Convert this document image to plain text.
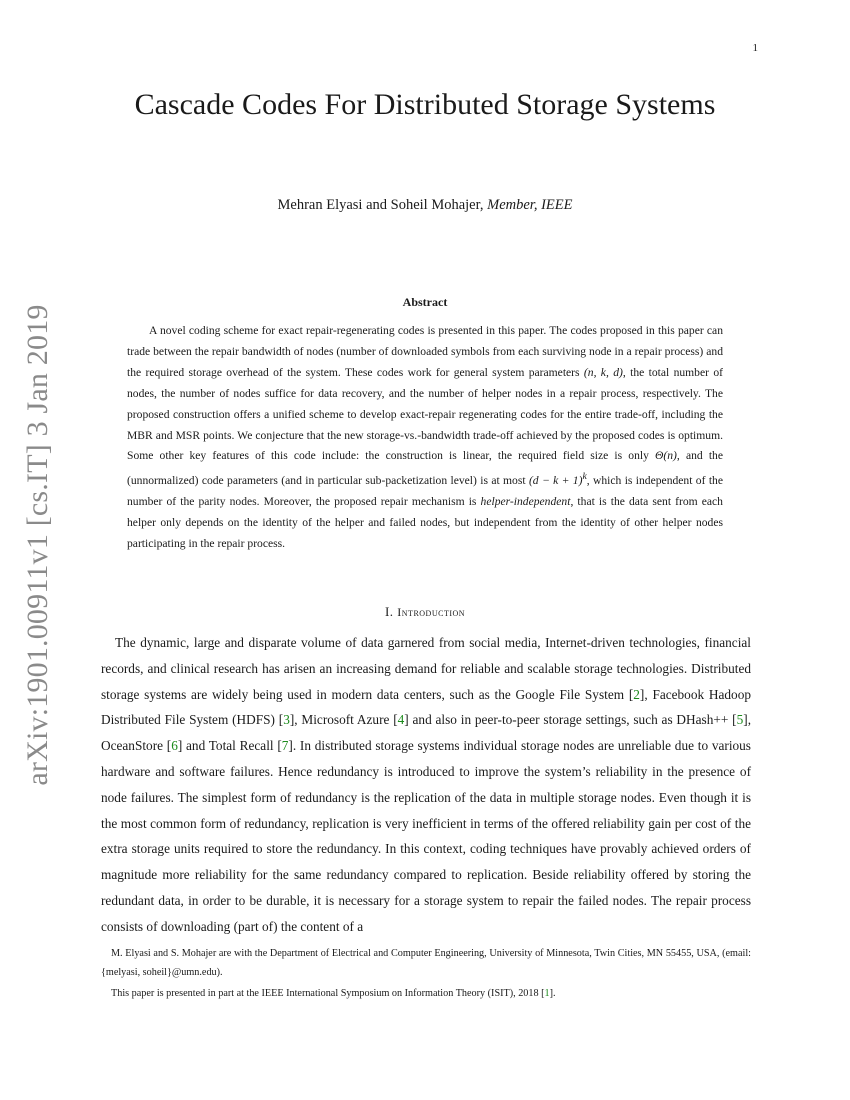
1
arXiv:1901.00911v1 [cs.IT] 3 Jan 2019
Cascade Codes For Distributed Storage Systems
Mehran Elyasi and Soheil Mohajer, Member, IEEE
Abstract

A novel coding scheme for exact repair-regenerating codes is presented in this paper. The codes proposed in this paper can trade between the repair bandwidth of nodes (number of downloaded symbols from each surviving node in a repair process) and the required storage overhead of the system. These codes work for general system parameters (n, k, d), the total number of nodes, the number of nodes suffice for data recovery, and the number of helper nodes in a repair process, respectively. The proposed construction offers a unified scheme to develop exact-repair regenerating codes for the entire trade-off, including the MBR and MSR points. We conjecture that the new storage-vs.-bandwidth trade-off achieved by the proposed codes is optimum. Some other key features of this code include: the construction is linear, the required field size is only Θ(n), and the (unnormalized) code parameters (and in particular sub-packetization level) is at most $(d - k + 1)^k$, which is independent of the number of the parity nodes. Moreover, the proposed repair mechanism is helper-independent, that is the data sent from each helper only depends on the identity of the helper and failed nodes, but independent from the identity of other helper nodes participating in the repair process.

I. Introduction

The dynamic, large and disparate volume of data garnered from social media, Internet-driven technologies, financial records, and clinical research has arisen an increasing demand for reliable and scalable storage technologies. Distributed storage systems are widely being used in modern data centers, such as the Google File System [2], Facebook Hadoop Distributed File System (HDFS) [3], Microsoft Azure [4] and also in peer-to-peer storage settings, such as DHash++ [5], OceanStore [6] and Total Recall [7]. In distributed storage systems individual storage nodes are unreliable due to various hardware and software failures. Hence redundancy is introduced to improve the system’s reliability in the presence of node failures. The simplest form of redundancy is the replication of the data in multiple storage nodes. Even though it is the most common form of redundancy, replication is very inefficient in terms of the offered reliability gain per cost of the extra storage units required to store the redundancy. In this context, coding techniques have provably achieved orders of magnitude more reliability for the same redundancy compared to replication. Beside reliability offered by storing the redundant data, in order to be durable, it is necessary for a storage system to repair the failed nodes. The repair process consists of downloading (part of) the content of a

M. Elyasi and S. Mohajer are with the Department of Electrical and Computer Engineering, University of Minnesota, Twin Cities, MN 55455, USA, (email: {melyasi, soheil}@umn.edu).

This paper is presented in part at the IEEE International Symposium on Information Theory (ISIT), 2018 [1].
